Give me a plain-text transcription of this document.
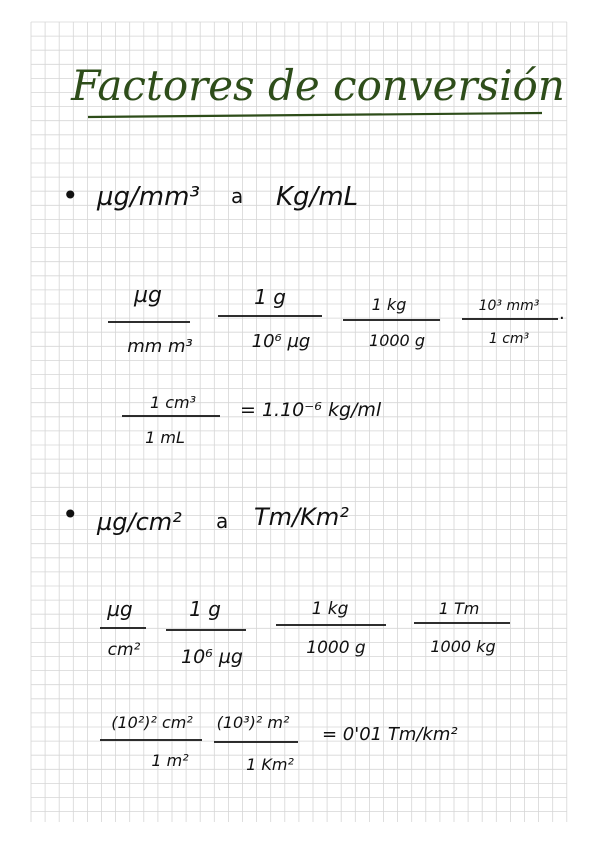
Factores de conversión
• µg/mm³ a Kg/mL
µg
mm m³
1 g
10⁶ µg
1 kg
1000 g
10³ mm³
1 cm³
.
1 cm³
1 mL
= 1.10⁻⁶ kg/ml
• µg/cm² a Tm/Km²
µg
cm²
1 g
10⁶ µg
1 kg
1000 g
1 Tm
1000 kg
(10²)² cm²
1 m²
(10³)² m²
1 Km²
= 0'01 Tm/km²
